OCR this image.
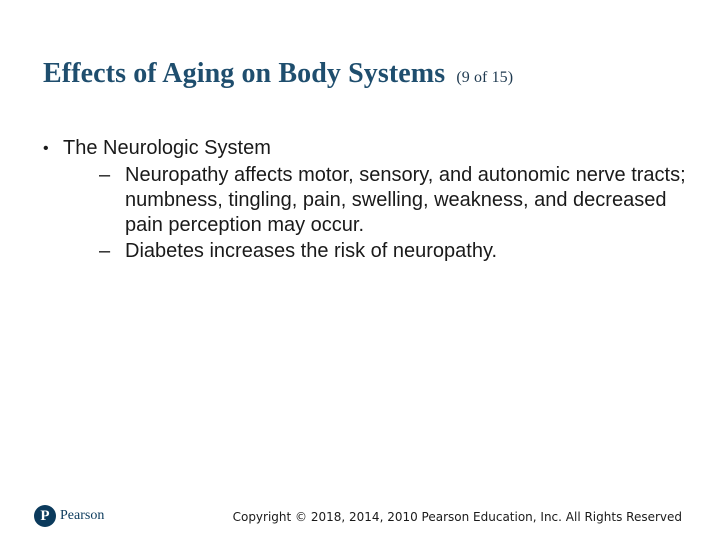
Effects of Aging on Body Systems (9 of 15)
• The Neurologic System
– Neuropathy affects motor, sensory, and autonomic nerve tracts; numbness, tingling, pain, swelling, weakness, and decreased pain perception may occur.
– Diabetes increases the risk of neuropathy.
P Pearson	Copyright © 2018, 2014, 2010 Pearson Education, Inc. All Rights Reserved
